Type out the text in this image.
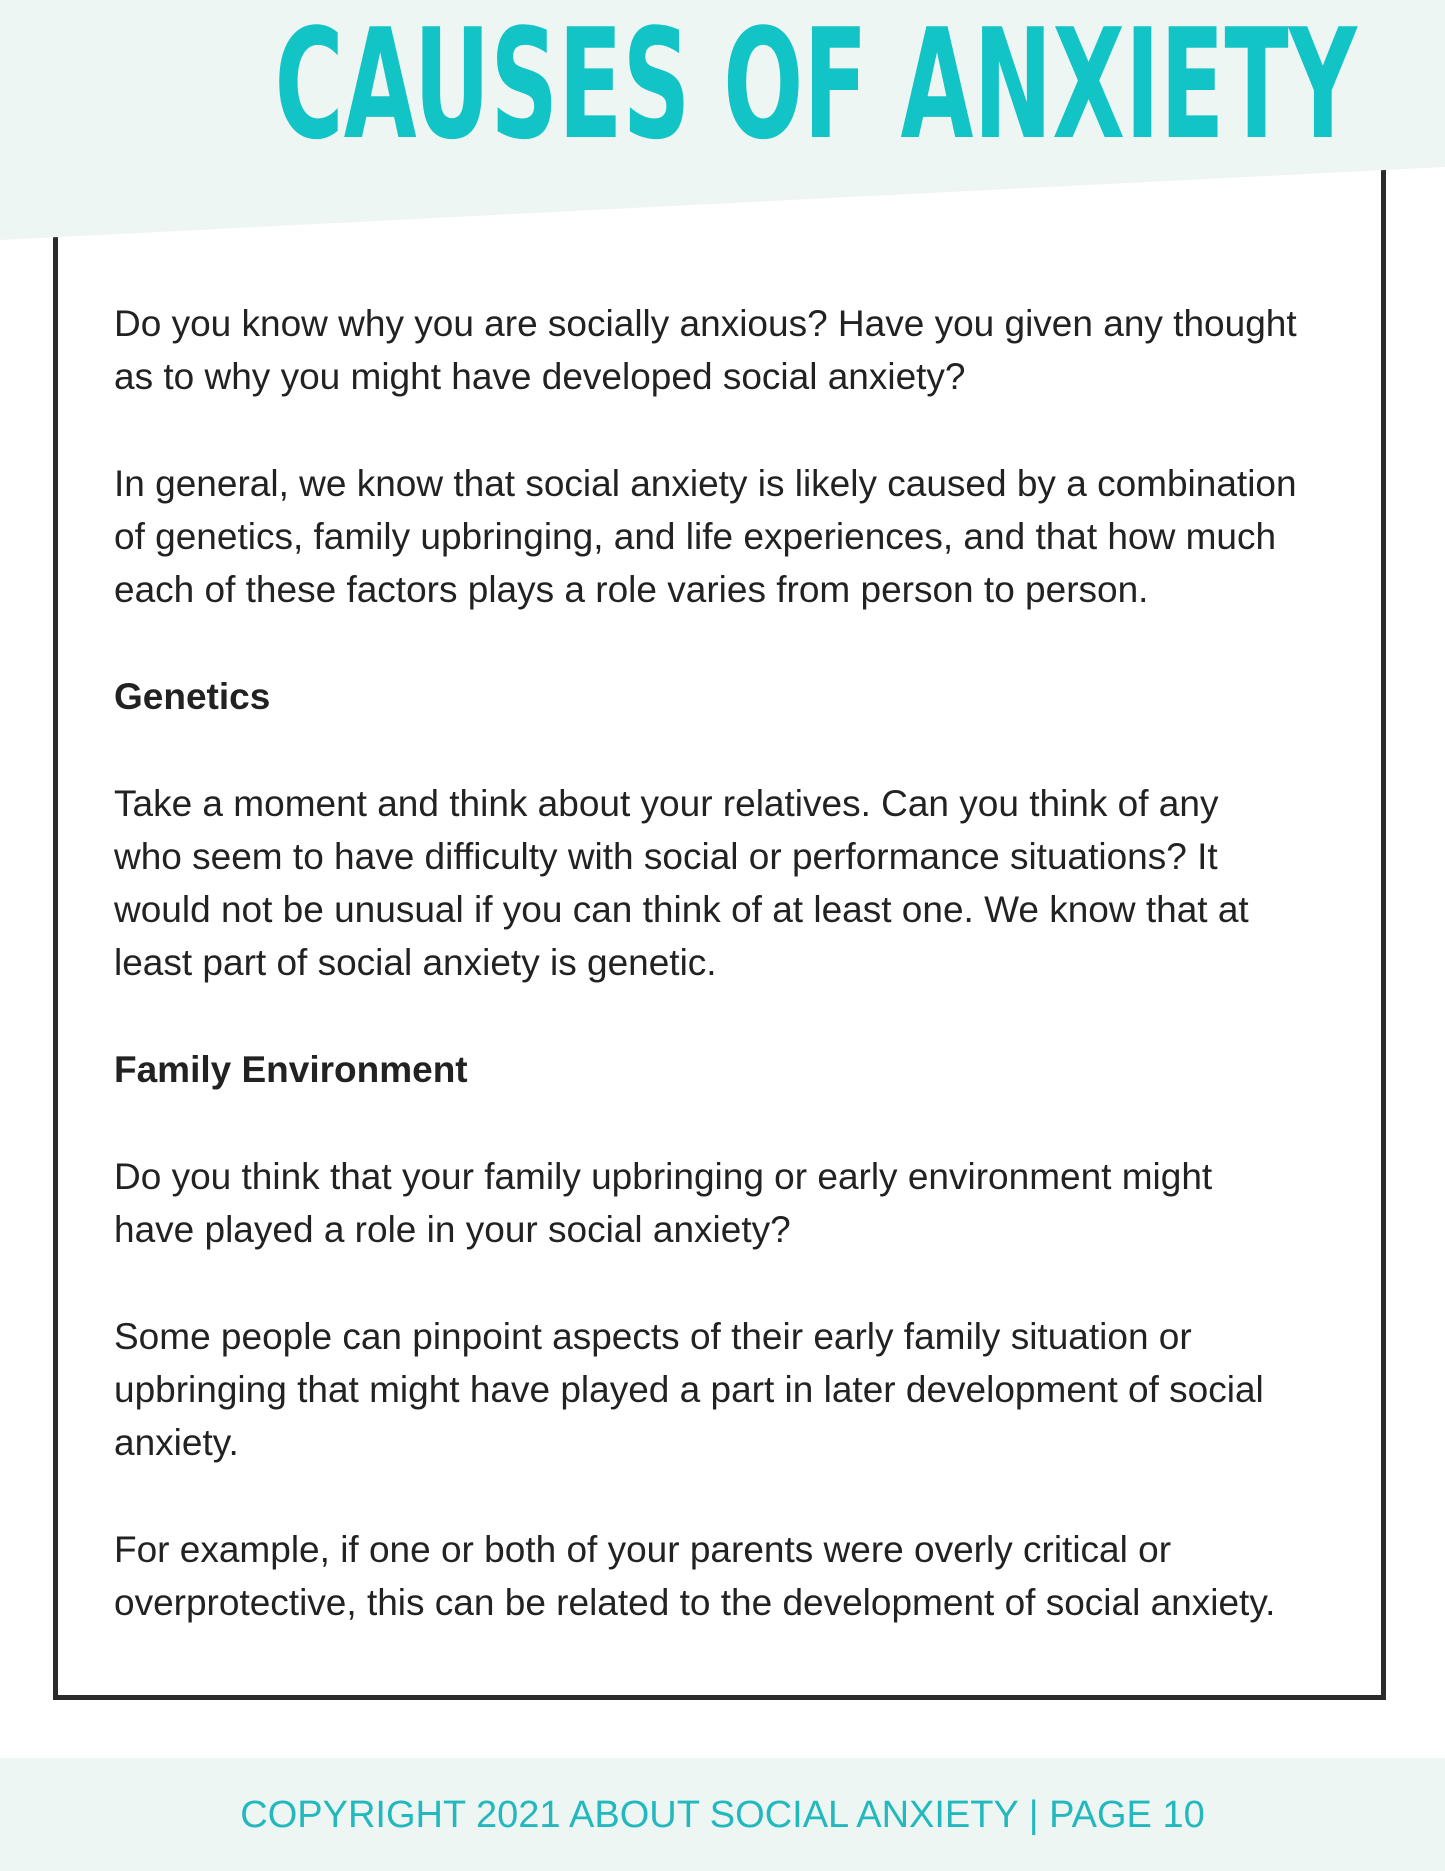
CAUSES OF ANXIETY

Do you know why you are socially anxious? Have you given any thought

as to why you might have developed social anxiety?

In general, we know that social anxiety is likely caused by a combination

of genetics, family upbringing, and life experiences, and that how much

each of these factors plays a role varies from person to person.

Genetics

Take a moment and think about your relatives. Can you think of any

who seem to have difficulty with social or performance situations? It

would not be unusual if you can think of at least one. We know that at

least part of social anxiety is genetic.

Family Environment

Do you think that your family upbringing or early environment might

have played a role in your social anxiety?

Some people can pinpoint aspects of their early family situation or

upbringing that might have played a part in later development of social

anxiety.

For example, if one or both of your parents were overly critical or

overprotective, this can be related to the development of social anxiety.

COPYRIGHT 2021 ABOUT SOCIAL ANXIETY | PAGE 10
